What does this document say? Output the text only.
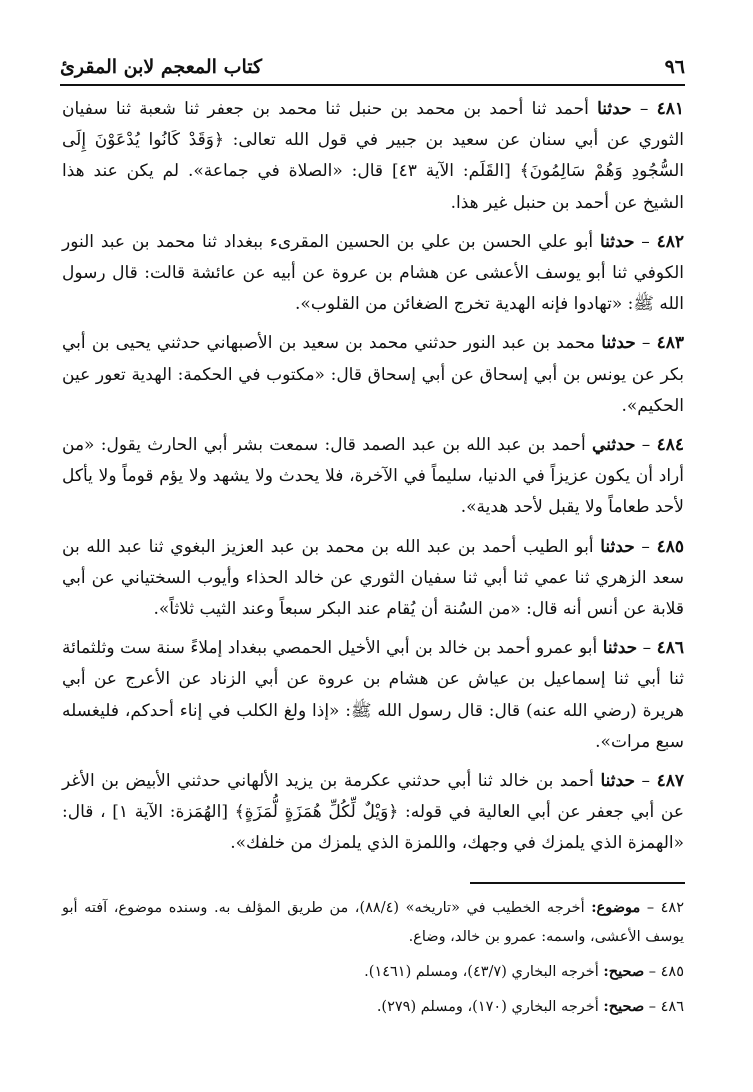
٩٦
كتاب المعجم لابن المقرئ

٤٨١ – حدثنا أحمد ثنا أحمد بن محمد بن حنبل ثنا محمد بن جعفر ثنا شعبة ثنا سفيان الثوري عن أبي سنان عن سعيد بن جبير في قول الله تعالى: ﴿وَقَدْ كَانُوا يُدْعَوْنَ إِلَى السُّجُودِ وَهُمْ سَالِمُونَ﴾ [القَلَم: الآية ٤٣] قال: «الصلاة في جماعة». لم يكن عند هذا الشيخ عن أحمد بن حنبل غير هذا.

٤٨٢ – حدثنا أبو علي الحسن بن علي بن الحسين المقرىء ببغداد ثنا محمد بن عبد النور الكوفي ثنا أبو يوسف الأعشى عن هشام بن عروة عن أبيه عن عائشة قالت: قال رسول الله ﷺ: «تهادوا فإنه الهدية تخرج الضغائن من القلوب».

٤٨٣ – حدثنا محمد بن عبد النور حدثني محمد بن سعيد بن الأصبهاني حدثني يحيى بن أبي بكر عن يونس بن أبي إسحاق عن أبي إسحاق قال: «مكتوب في الحكمة: الهدية تعور عين الحكيم».

٤٨٤ – حدثني أحمد بن عبد الله بن عبد الصمد قال: سمعت بشر أبي الحارث يقول: «من أراد أن يكون عزيزاً في الدنيا، سليماً في الآخرة، فلا يحدث ولا يشهد ولا يؤم قوماً ولا يأكل لأحد طعاماً ولا يقبل لأحد هدية».

٤٨٥ – حدثنا أبو الطيب أحمد بن عبد الله بن محمد بن عبد العزيز البغوي ثنا عبد الله بن سعد الزهري ثنا عمي ثنا أبي ثنا سفيان الثوري عن خالد الحذاء وأيوب السختياني عن أبي قلابة عن أنس أنه قال: «من السُنة أن يُقام عند البكر سبعاً وعند الثيب ثلاثاً».

٤٨٦ – حدثنا أبو عمرو أحمد بن خالد بن أبي الأخيل الحمصي ببغداد إملاءً سنة ست وثلثمائة ثنا أبي ثنا إسماعيل بن عياش عن هشام بن عروة عن أبي الزناد عن الأعرج عن أبي هريرة (رضي الله عنه) قال: قال رسول الله ﷺ: «إذا ولغ الكلب في إناء أحدكم، فليغسله سبع مرات».

٤٨٧ – حدثنا أحمد بن خالد ثنا أبي حدثني عكرمة بن يزيد الألهاني حدثني الأبيض بن الأغر عن أبي جعفر عن أبي العالية في قوله: ﴿وَيْلٌ لِّكُلِّ هُمَزَةٍ لُّمَزَةٍ﴾ [الهُمَزة: الآية ١] ، قال: «الهمزة الذي يلمزك في وجهك، واللمزة الذي يلمزك من خلفك».

٤٨٢ – موضوع: أخرجه الخطيب في «تاريخه» (٨٨/٤)، من طريق المؤلف به. وسنده موضوع، آفته أبو يوسف الأعشى، واسمه: عمرو بن خالد، وضاع.

٤٨٥ – صحيح: أخرجه البخاري (٤٣/٧)، ومسلم (١٤٦١).

٤٨٦ – صحيح: أخرجه البخاري (١٧٠)، ومسلم (٢٧٩).
